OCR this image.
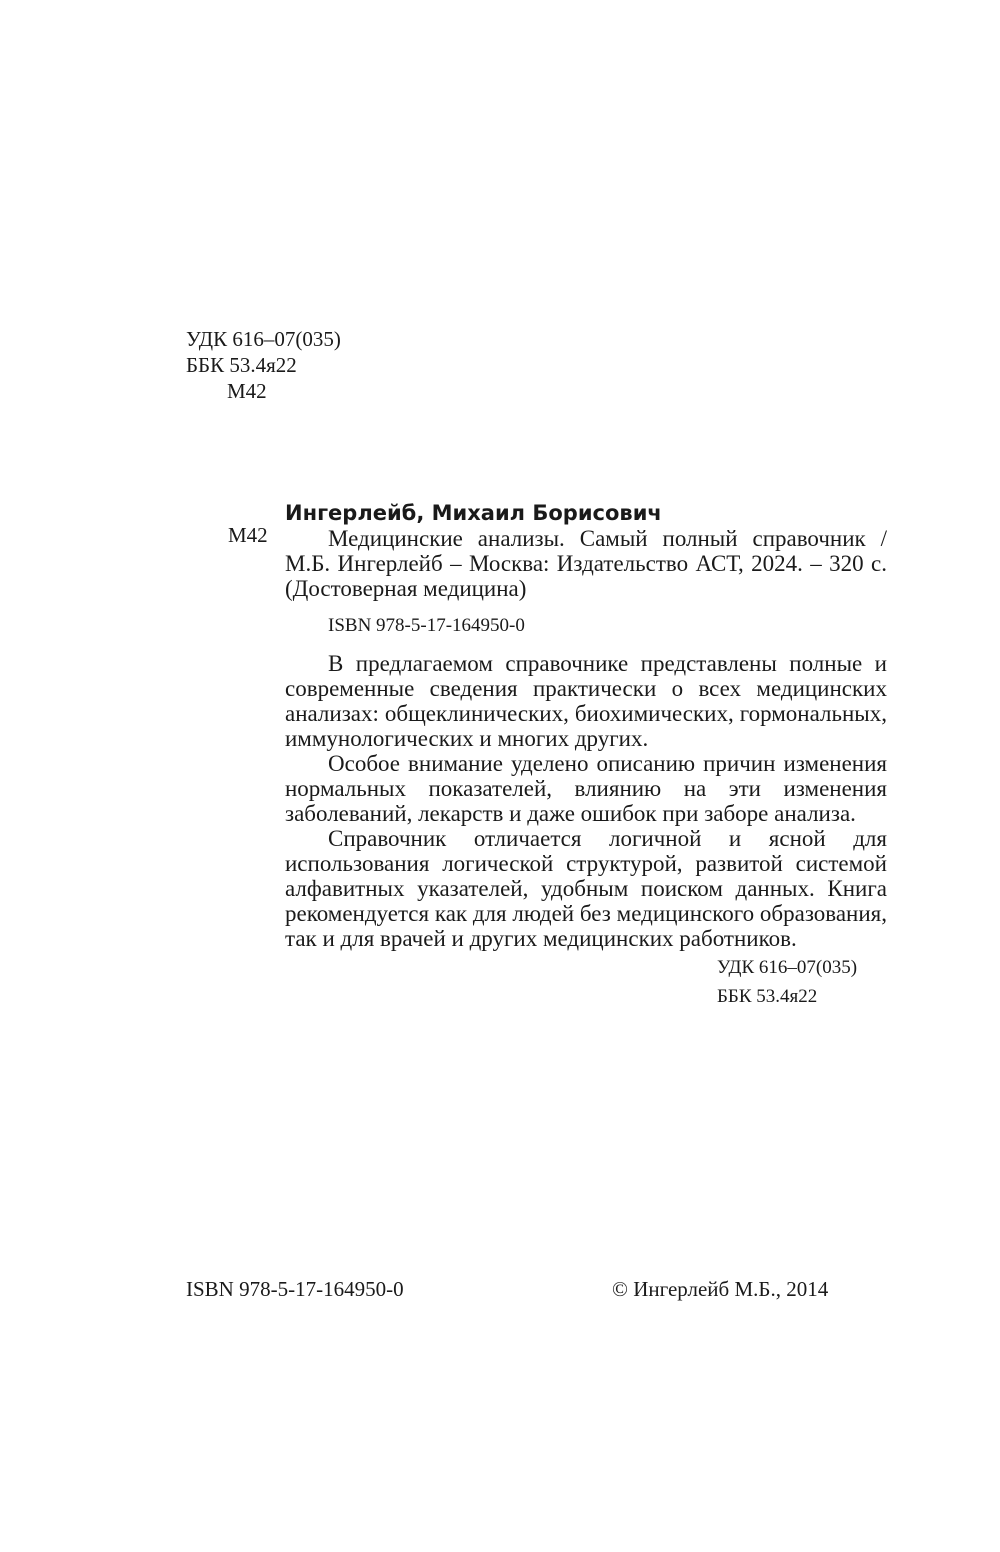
УДК 616–07(035)
ББК 53.4я22
М42
М42
Ингерлейб, Михаил Борисович

Медицинские анализы. Самый полный справочник / М.Б. Ингерлейб – Москва: Издательство АСТ, 2024. – 320 с. (Достоверная медицина)

ISBN 978-5-17-164950-0

В предлагаемом справочнике представлены полные и современные сведения практически о всех медицинских анализах: общеклинических, биохимических, гормональных, иммунологических и многих других.

Особое внимание уделено описанию причин изменения нормальных показателей, влиянию на эти изменения заболеваний, лекарств и даже ошибок при заборе анализа.

Справочник отличается логичной и ясной для использования логической структурой, развитой системой алфавитных указателей, удобным поиском данных. Книга рекомендуется как для людей без медицинского образования, так и для врачей и других медицинских работников.

УДК 616–07(035)
ББК 53.4я22
ISBN 978-5-17-164950-0	© Ингерлейб М.Б., 2014
